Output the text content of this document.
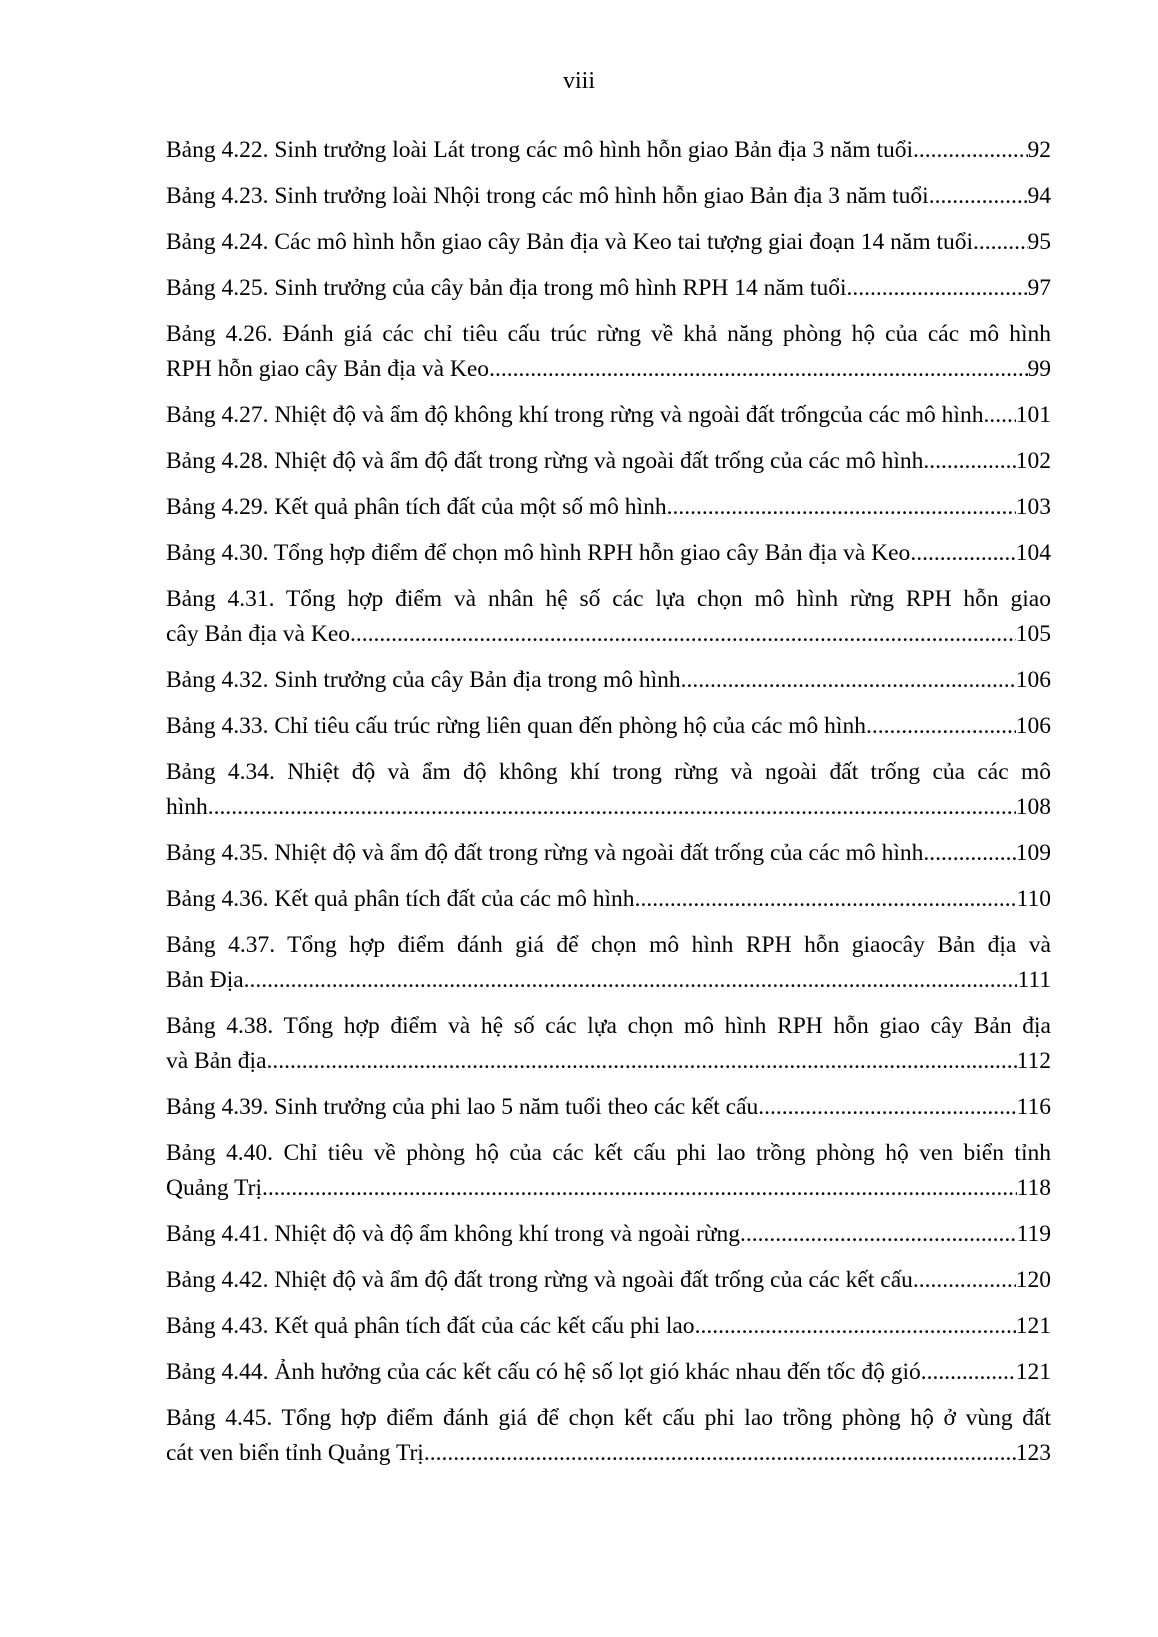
viii
Bảng 4.22. Sinh trưởng loài Lát trong các mô hình hỗn giao Bản địa 3 năm tuổi .....	92
Bảng 4.23. Sinh trưởng loài Nhội trong các mô hình hỗn giao Bản địa 3 năm tuổi .....	94
Bảng 4.24. Các mô hình hỗn giao cây Bản địa và Keo tai tượng giai đoạn 14 năm tuổi ..... 95
Bảng 4.25. Sinh trưởng của cây bản địa trong mô hình RPH 14 năm tuổi .....	97
Bảng 4.26. Đánh giá các chỉ tiêu cấu trúc rừng về khả năng phòng hộ của các mô hình
RPH hỗn giao cây Bản địa và Keo .....	99
Bảng 4.27. Nhiệt độ và ẩm độ không khí trong rừng và ngoài đất trốngcủa các mô hình ..... 101
Bảng 4.28. Nhiệt độ và ẩm độ đất trong rừng và ngoài đất trống của các mô hình .....	102
Bảng 4.29. Kết quả phân tích đất của một số mô hình .....	103
Bảng 4.30. Tổng hợp điểm để chọn mô hình RPH hỗn giao cây Bản địa và Keo .....	104
Bảng 4.31. Tổng hợp điểm và nhân hệ số các lựa chọn mô hình rừng RPH hỗn giao
cây Bản địa và Keo .....	105
Bảng 4.32. Sinh trưởng của cây Bản địa trong mô hình .....	106
Bảng 4.33. Chỉ tiêu cấu trúc rừng liên quan đến phòng hộ của các mô hình .....	106
Bảng 4.34. Nhiệt độ và ẩm độ không khí trong rừng và ngoài đất trống của các mô
hình .....	108
Bảng 4.35. Nhiệt độ và ẩm độ đất trong rừng và ngoài đất trống của các mô hình .....	109
Bảng 4.36. Kết quả phân tích đất của các mô hình .....	110
Bảng 4.37. Tổng hợp điểm đánh giá để chọn mô hình RPH hỗn giaocây Bản địa và
Bản Địa .....	111
Bảng 4.38. Tổng hợp điểm và hệ số các lựa chọn mô hình RPH hỗn giao cây Bản địa
và Bản địa .....	112
Bảng 4.39. Sinh trưởng của phi lao 5 năm tuổi theo các kết cấu .....	116
Bảng 4.40. Chỉ tiêu về phòng hộ của các kết cấu phi lao trồng phòng hộ ven biển tỉnh
Quảng Trị .....	118
Bảng 4.41. Nhiệt độ và độ ẩm không khí trong và ngoài rừng .....	119
Bảng 4.42. Nhiệt độ và ẩm độ đất trong rừng và ngoài đất trống của các kết cấu .....	120
Bảng 4.43. Kết quả phân tích đất của các kết cấu phi lao .....	121
Bảng 4.44. Ảnh hưởng của các kết cấu có hệ số lọt gió khác nhau đến tốc độ gió .....	121
Bảng 4.45. Tổng hợp điểm đánh giá để chọn kết cấu phi lao trồng phòng hộ ở vùng đất
cát ven biển tỉnh Quảng Trị .....	123
